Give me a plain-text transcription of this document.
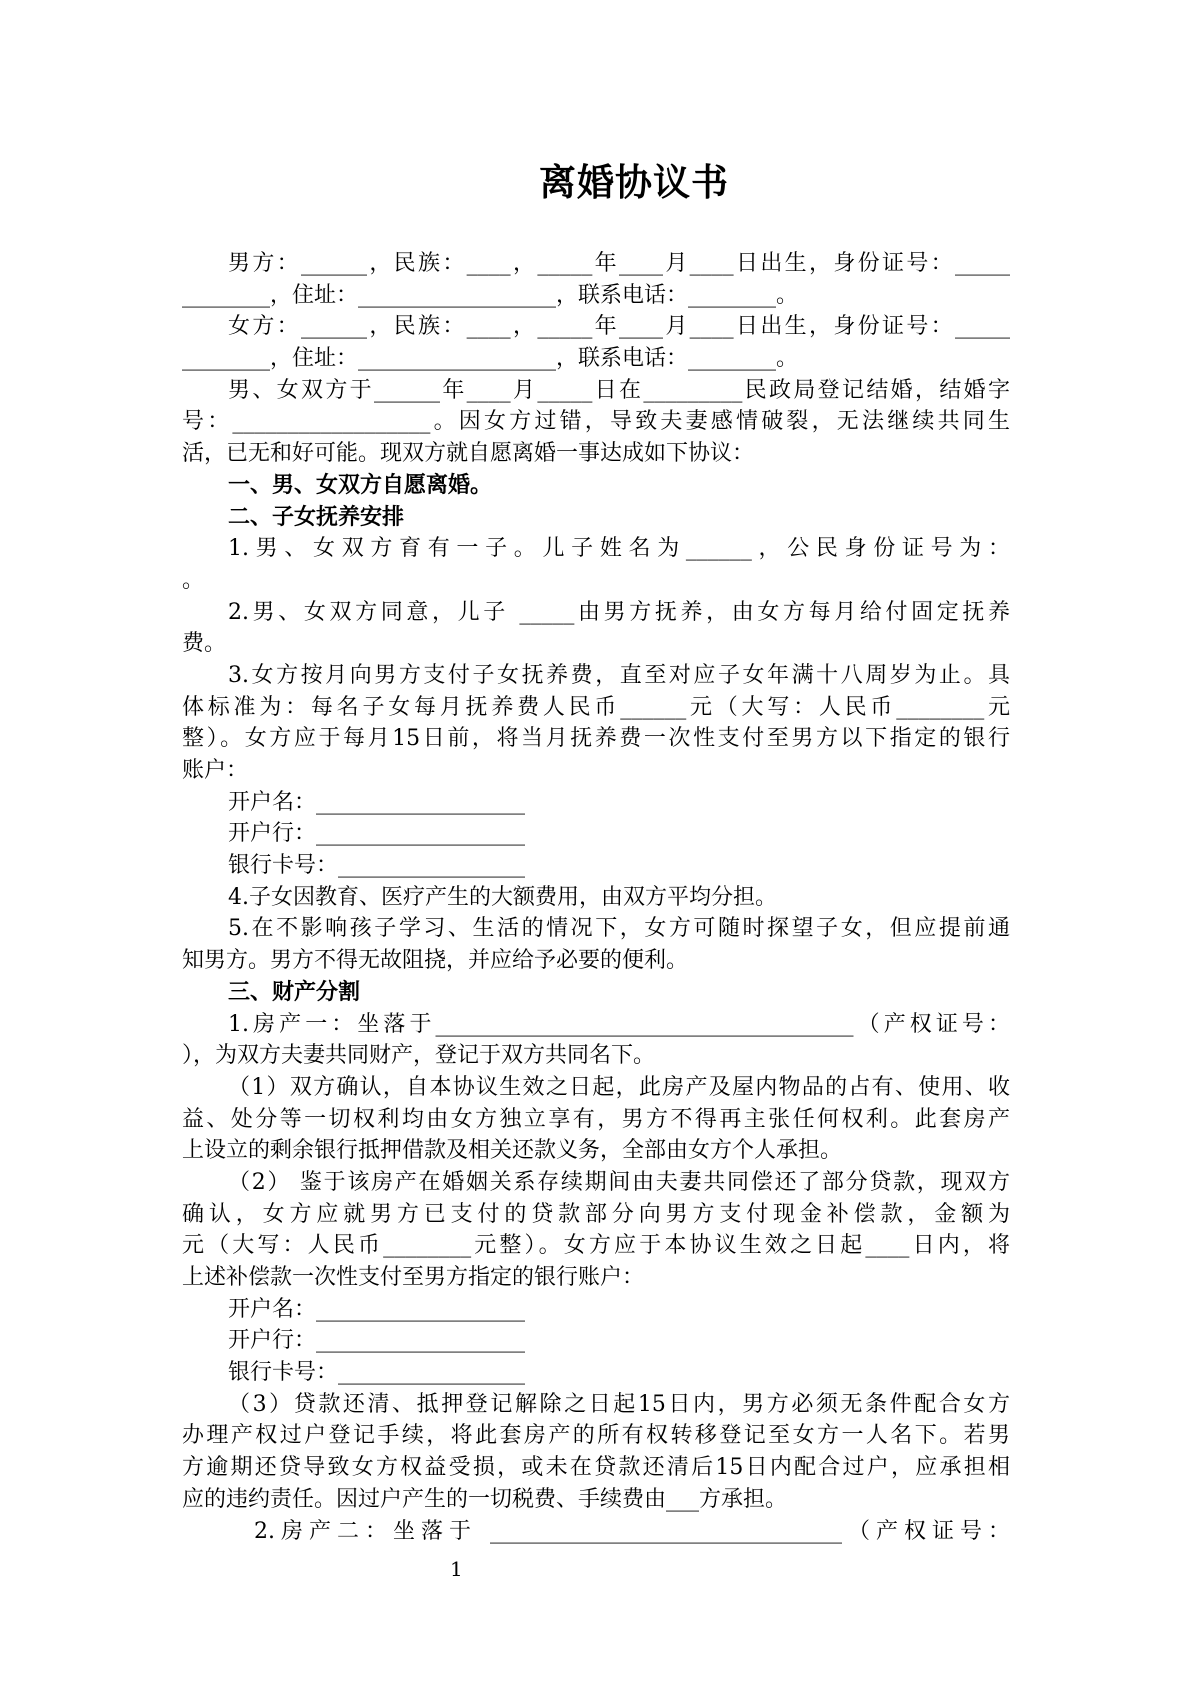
离婚协议书
男方：______，民族：____，_____年____月____日出生，身份证号：_____
________，住址：__________________，联系电话：________。
女方：______，民族：____，_____年____月____日出生，身份证号：_____
________，住址：__________________，联系电话：________。
男、女双方于______年____月_____日在_________民政局登记结婚，结婚字
号：__________________。因女方过错，导致夫妻感情破裂，无法继续共同生
活，已无和好可能。现双方就自愿离婚一事达成如下协议：
一、男、女双方自愿离婚。
二、子女抚养安排
1.男、女双方育有一子。儿子姓名为______，公民身份证号为：
。
2.男、女双方同意，儿子 _____由男方抚养，由女方每月给付固定抚养
费。
3.女方按月向男方支付子女抚养费，直至对应子女年满十八周岁为止。具
体标准为：每名子女每月抚养费人民币______元（大写：人民币________元
整）。女方应于每月15日前，将当月抚养费一次性支付至男方以下指定的银行
账户：
开户名：___________________
开户行：___________________
银行卡号：_________________
4.子女因教育、医疗产生的大额费用，由双方平均分担。
5.在不影响孩子学习、生活的情况下，女方可随时探望子女，但应提前通
知男方。男方不得无故阻挠，并应给予必要的便利。
三、财产分割
1.房产一：坐落于______________________________________（产权证号：
），为双方夫妻共同财产，登记于双方共同名下。
（1）双方确认，自本协议生效之日起，此房产及屋内物品的占有、使用、收
益、处分等一切权利均由女方独立享有，男方不得再主张任何权利。此套房产
上设立的剩余银行抵押借款及相关还款义务，全部由女方个人承担。
（2） 鉴于该房产在婚姻关系存续期间由夫妻共同偿还了部分贷款，现双方
确认，女方应就男方已支付的贷款部分向男方支付现金补偿款，金额为
元（大写：人民币________元整）。女方应于本协议生效之日起____日内，将
上述补偿款一次性支付至男方指定的银行账户：
开户名：___________________
开户行：___________________
银行卡号：_________________
（3）贷款还清、抵押登记解除之日起15日内，男方必须无条件配合女方
办理产权过户登记手续，将此套房产的所有权转移登记至女方一人名下。若男
方逾期还贷导致女方权益受损，或未在贷款还清后15日内配合过户，应承担相
应的违约责任。因过户产生的一切税费、手续费由___方承担。
2.房产二：坐落于 ________________________________（产权证号：
1
